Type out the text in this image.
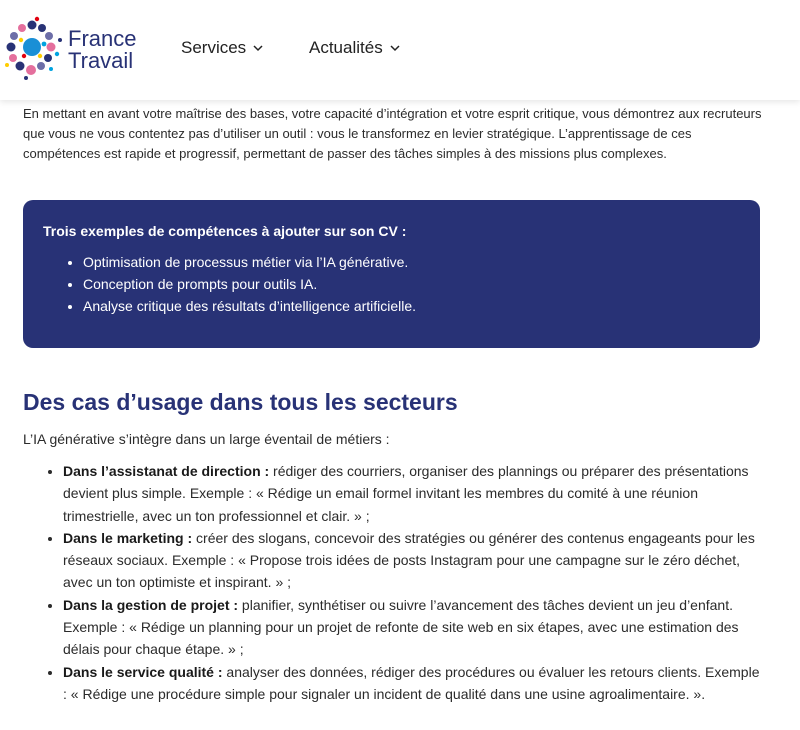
France
Travail
Services	Actualités

En mettant en avant votre maîtrise des bases, votre capacité d’intégration et votre esprit critique, vous démontrez aux recruteurs que vous ne vous contentez pas d’utiliser un outil : vous le transformez en levier stratégique. L’apprentissage de ces compétences est rapide et progressif, permettant de passer des tâches simples à des missions plus complexes.

Trois exemples de compétences à ajouter sur son CV :

• Optimisation de processus métier via l’IA générative.
• Conception de prompts pour outils IA.
• Analyse critique des résultats d’intelligence artificielle.
Des cas d’usage dans tous les secteurs

L’IA générative s’intègre dans un large éventail de métiers :

• Dans l’assistanat de direction : rédiger des courriers, organiser des plannings ou préparer des présentations devient plus simple. Exemple : « Rédige un email formel invitant les membres du comité à une réunion trimestrielle, avec un ton professionnel et clair. » ;
• Dans le marketing : créer des slogans, concevoir des stratégies ou générer des contenus engageants pour les réseaux sociaux. Exemple : « Propose trois idées de posts Instagram pour une campagne sur le zéro déchet, avec un ton optimiste et inspirant. » ;
• Dans la gestion de projet : planifier, synthétiser ou suivre l’avancement des tâches devient un jeu d’enfant. Exemple : « Rédige un planning pour un projet de refonte de site web en six étapes, avec une estimation des délais pour chaque étape. » ;
• Dans le service qualité : analyser des données, rédiger des procédures ou évaluer les retours clients. Exemple : « Rédige une procédure simple pour signaler un incident de qualité dans une usine agroalimentaire. ».
